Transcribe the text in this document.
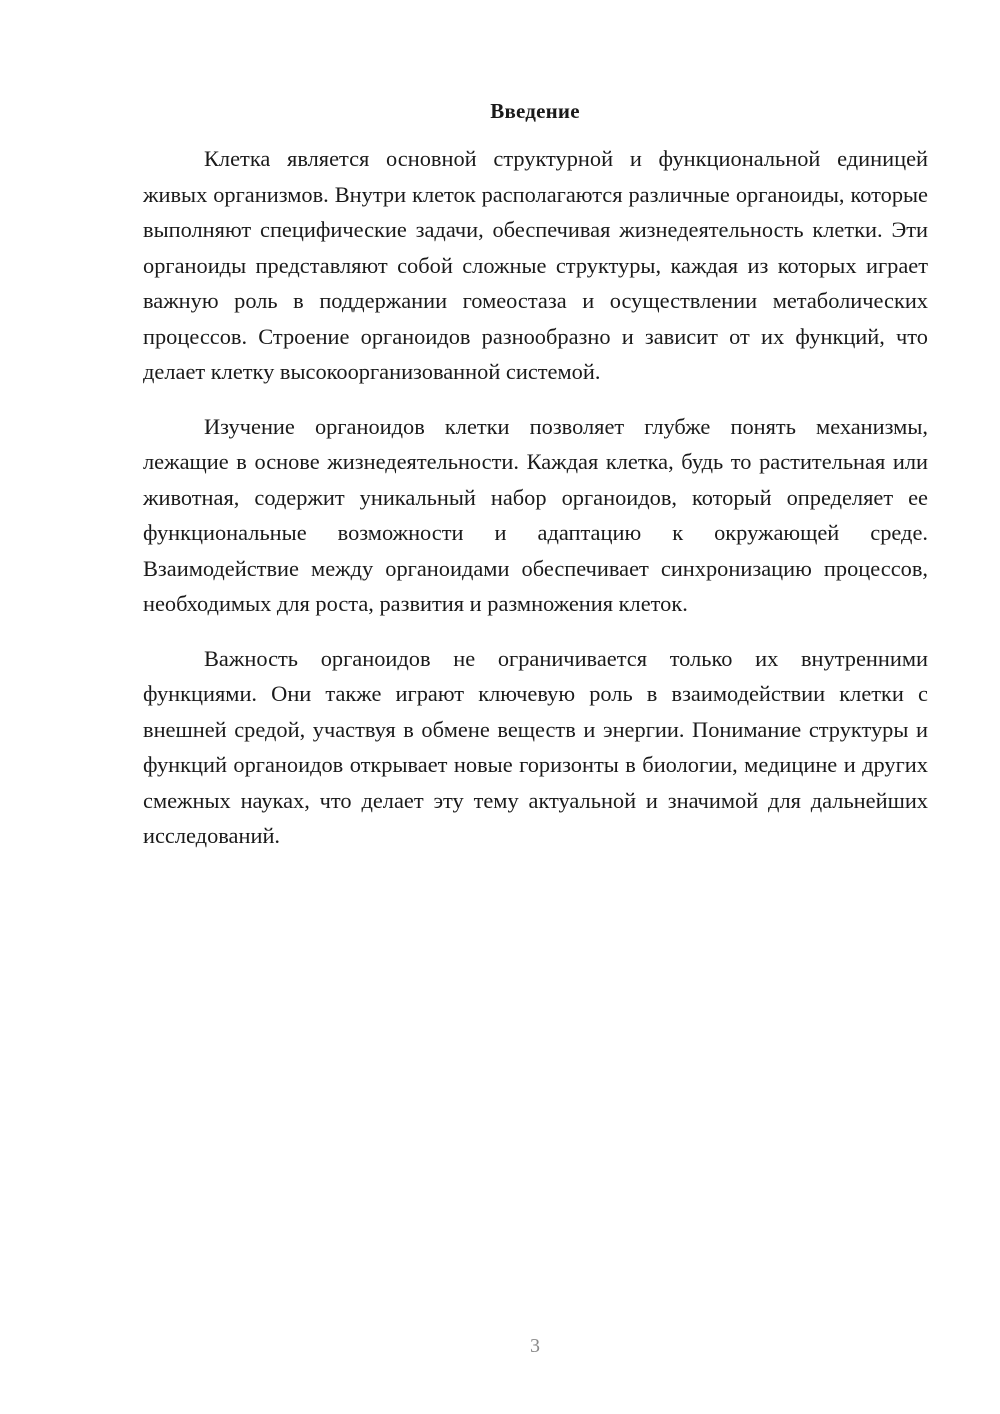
Введение

Клетка является основной структурной и функциональной единицей живых организмов. Внутри клеток располагаются различные органоиды, которые выполняют специфические задачи, обеспечивая жизнедеятельность клетки. Эти органоиды представляют собой сложные структуры, каждая из которых играет важную роль в поддержании гомеостаза и осуществлении метаболических процессов. Строение органоидов разнообразно и зависит от их функций, что делает клетку высокоорганизованной системой.

Изучение органоидов клетки позволяет глубже понять механизмы, лежащие в основе жизнедеятельности. Каждая клетка, будь то растительная или животная, содержит уникальный набор органоидов, который определяет ее функциональные возможности и адаптацию к окружающей среде. Взаимодействие между органоидами обеспечивает синхронизацию процессов, необходимых для роста, развития и размножения клеток.

Важность органоидов не ограничивается только их внутренними функциями. Они также играют ключевую роль в взаимодействии клетки с внешней средой, участвуя в обмене веществ и энергии. Понимание структуры и функций органоидов открывает новые горизонты в биологии, медицине и других смежных науках, что делает эту тему актуальной и значимой для дальнейших исследований.

3
